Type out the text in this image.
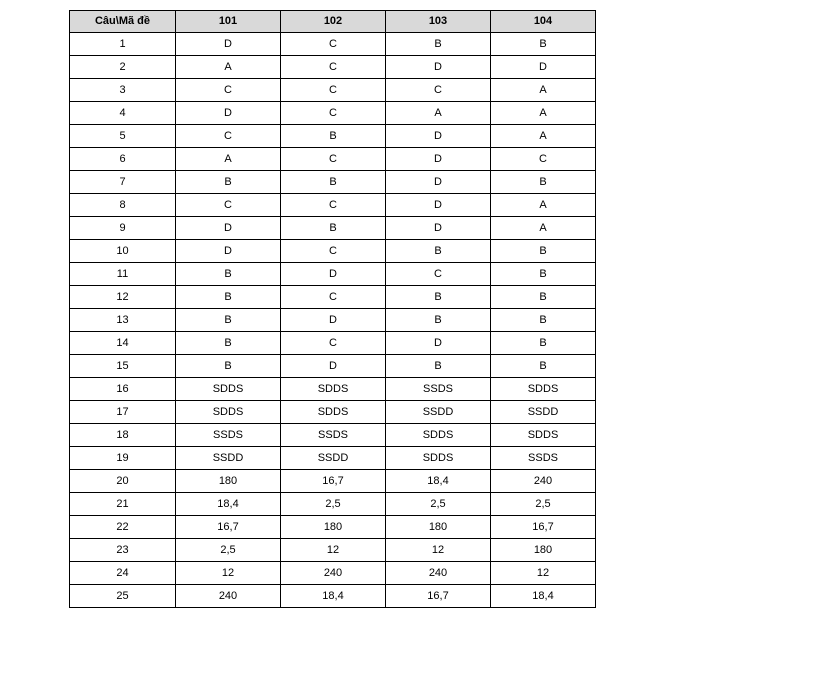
Câu\Mã đề	101	102	103	104
1	D	C	B	B
2	A	C	D	D
3	C	C	C	A
4	D	C	A	A
5	C	B	D	A
6	A	C	D	C
7	B	B	D	B
8	C	C	D	A
9	D	B	D	A
10	D	C	B	B
11	B	D	C	B
12	B	C	B	B
13	B	D	B	B
14	B	C	D	B
15	B	D	B	B
16	SDDS	SDDS	SSDS	SDDS
17	SDDS	SDDS	SSDD	SSDD
18	SSDS	SSDS	SDDS	SDDS
19	SSDD	SSDD	SDDS	SSDS
20	180	16,7	18,4	240
21	18,4	2,5	2,5	2,5
22	16,7	180	180	16,7
23	2,5	12	12	180
24	12	240	240	12
25	240	18,4	16,7	18,4
